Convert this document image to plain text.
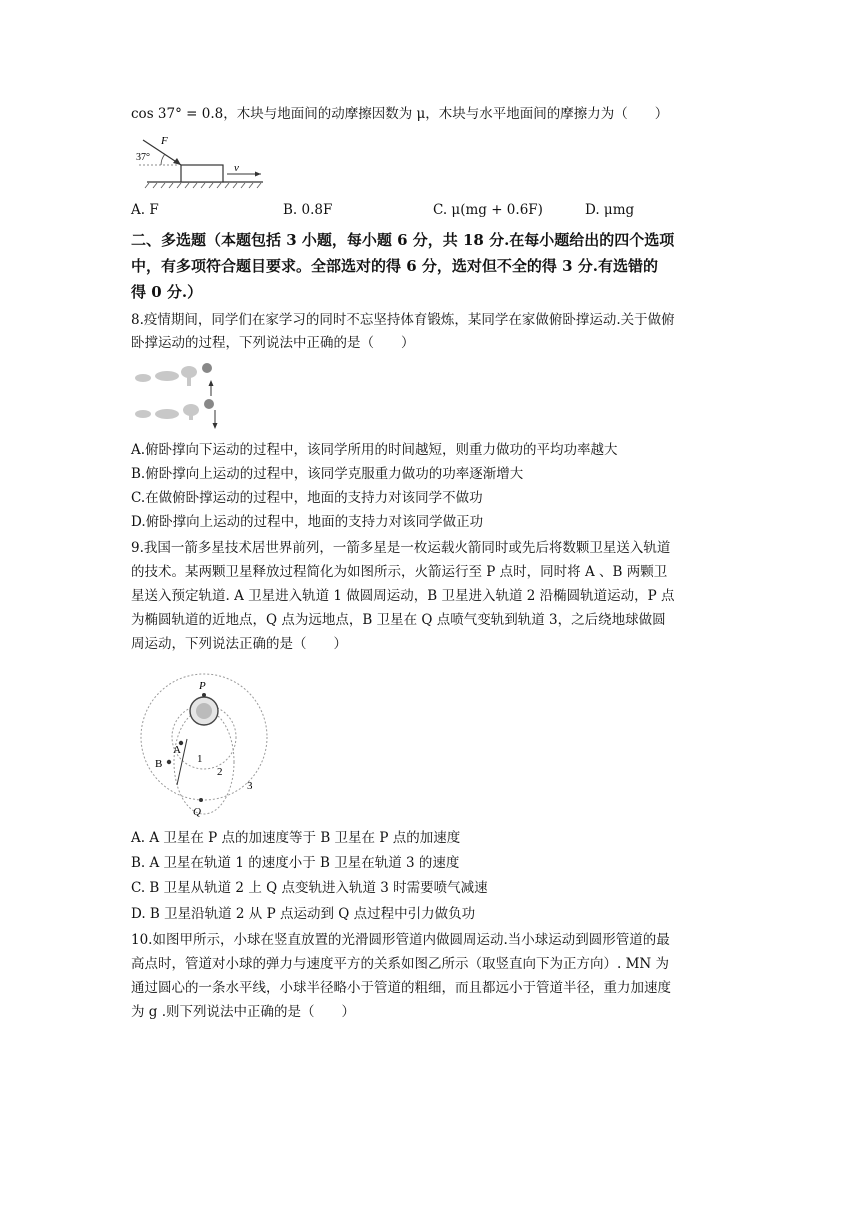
cos 37° = 0.8，木块与地面间的动摩擦因数为 μ，木块与水平地面间的摩擦力为（　　）
F
37°
v
A. F	B. 0.8F	C. μ(mg + 0.6F)	D. μmg
二、多选题（本题包括 3 小题，每小题 6 分，共 18 分.在每小题给出的四个选项
中，有多项符合题目要求。全部选对的得 6 分，选对但不全的得 3 分.有选错的
得 0 分.）
8.疫情期间，同学们在家学习的同时不忘坚持体育锻炼，某同学在家做俯卧撑运动.关于做俯
卧撑运动的过程，下列说法中正确的是（　　）
A.俯卧撑向下运动的过程中，该同学所用的时间越短，则重力做功的平均功率越大
B.俯卧撑向上运动的过程中，该同学克服重力做功的功率逐渐增大
C.在做俯卧撑运动的过程中，地面的支持力对该同学不做功
D.俯卧撑向上运动的过程中，地面的支持力对该同学做正功
9.我国一箭多星技术居世界前列，一箭多星是一枚运载火箭同时或先后将数颗卫星送入轨道
的技术。某两颗卫星释放过程简化为如图所示，火箭运行至 P 点时，同时将 A 、B 两颗卫
星送入预定轨道. A 卫星进入轨道 1 做圆周运动，B 卫星进入轨道 2 沿椭圆轨道运动，P 点
为椭圆轨道的近地点，Q 点为远地点，B 卫星在 Q 点喷气变轨到轨道 3，之后绕地球做圆
周运动，下列说法正确的是（　　）
P
A
B	1
2
3
Q
A. A 卫星在 P 点的加速度等于 B 卫星在 P 点的加速度
B. A 卫星在轨道 1 的速度小于 B 卫星在轨道 3 的速度
C. B 卫星从轨道 2 上 Q 点变轨进入轨道 3 时需要喷气减速
D. B 卫星沿轨道 2 从 P 点运动到 Q 点过程中引力做负功
10.如图甲所示，小球在竖直放置的光滑圆形管道内做圆周运动.当小球运动到圆形管道的最
高点时，管道对小球的弹力与速度平方的关系如图乙所示（取竖直向下为正方向）. MN 为
通过圆心的一条水平线，小球半径略小于管道的粗细，而且都远小于管道半径，重力加速度
为 g .则下列说法中正确的是（　　）
